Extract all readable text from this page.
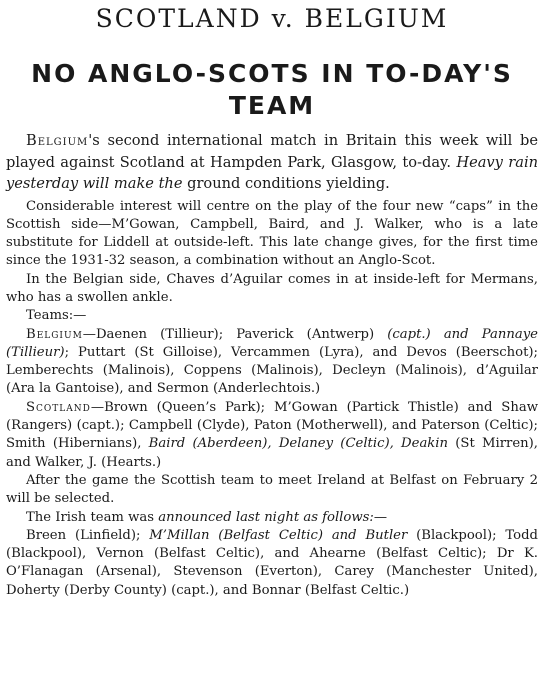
SCOTLAND v. BELGIUM
NO ANGLO-SCOTS IN TO-DAY'S
TEAM

Belgium's second international match in Britain this week will be played against Scotland at Hampden Park, Glasgow, to-day. Heavy rain yesterday will make the ground conditions yielding.

Considerable interest will centre on the play of the four new “caps” in the Scottish side—M’Gowan, Campbell, Baird, and J. Walker, who is a late substitute for Liddell at outside-left. This late change gives, for the first time since the 1931-32 season, a combination without an Anglo-Scot.

In the Belgian side, Chaves d’Aguilar comes in at inside-left for Mermans, who has a swollen ankle.

Teams:—

Belgium—Daenen (Tillieur); Paverick (Antwerp) (capt.) and Pannaye (Tillieur); Puttart (St Gilloise), Vercammen (Lyra), and Devos (Beerschot); Lemberechts (Malinois), Coppens (Malinois), Decleyn (Malinois), d’Aguilar (Ara la Gantoise), and Sermon (Anderlechtois.)

Scotland—Brown (Queen’s Park); M’Gowan (Partick Thistle) and Shaw (Rangers) (capt.); Campbell (Clyde), Paton (Motherwell), and Paterson (Celtic); Smith (Hibernians), Baird (Aberdeen), Delaney (Celtic), Deakin (St Mirren), and Walker, J. (Hearts.)

After the game the Scottish team to meet Ireland at Belfast on February 2 will be selected.

The Irish team was announced last night as follows:—

Breen (Linfield); M’Millan (Belfast Celtic) and Butler (Blackpool); Todd (Blackpool), Vernon (Belfast Celtic), and Ahearne (Belfast Celtic); Dr K. O’Flanagan (Arsenal), Stevenson (Everton), Carey (Manchester United), Doherty (Derby County) (capt.), and Bonnar (Belfast Celtic.)
